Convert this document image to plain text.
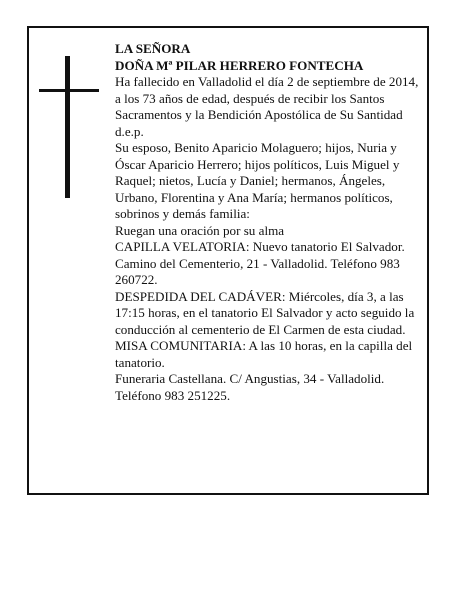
LA SEÑORA

DOÑA Mª PILAR HERRERO FONTECHA

Ha fallecido en Valladolid el día 2 de septiembre de 2014, a los 73 años de edad, después de recibir los Santos Sacramentos y la Bendición Apostólica de Su Santidad

d.e.p.

Su esposo, Benito Aparicio Molaguero; hijos, Nuria y Óscar Aparicio Herrero; hijos políticos, Luis Miguel y Raquel; nietos, Lucía y Daniel; hermanos, Ángeles, Urbano, Florentina y Ana María; hermanos políticos, sobrinos y demás familia:

Ruegan una oración por su alma

CAPILLA VELATORIA: Nuevo tanatorio El Salvador. Camino del Cementerio, 21 - Valladolid. Teléfono 983 260722.

DESPEDIDA DEL CADÁVER: Miércoles, día 3, a las 17:15 horas, en el tanatorio El Salvador y acto seguido la conducción al cementerio de El Carmen de esta ciudad.

MISA COMUNITARIA: A las 10 horas, en la capilla del tanatorio.

Funeraria Castellana. C/ Angustias, 34 - Valladolid. Teléfono 983 251225.
